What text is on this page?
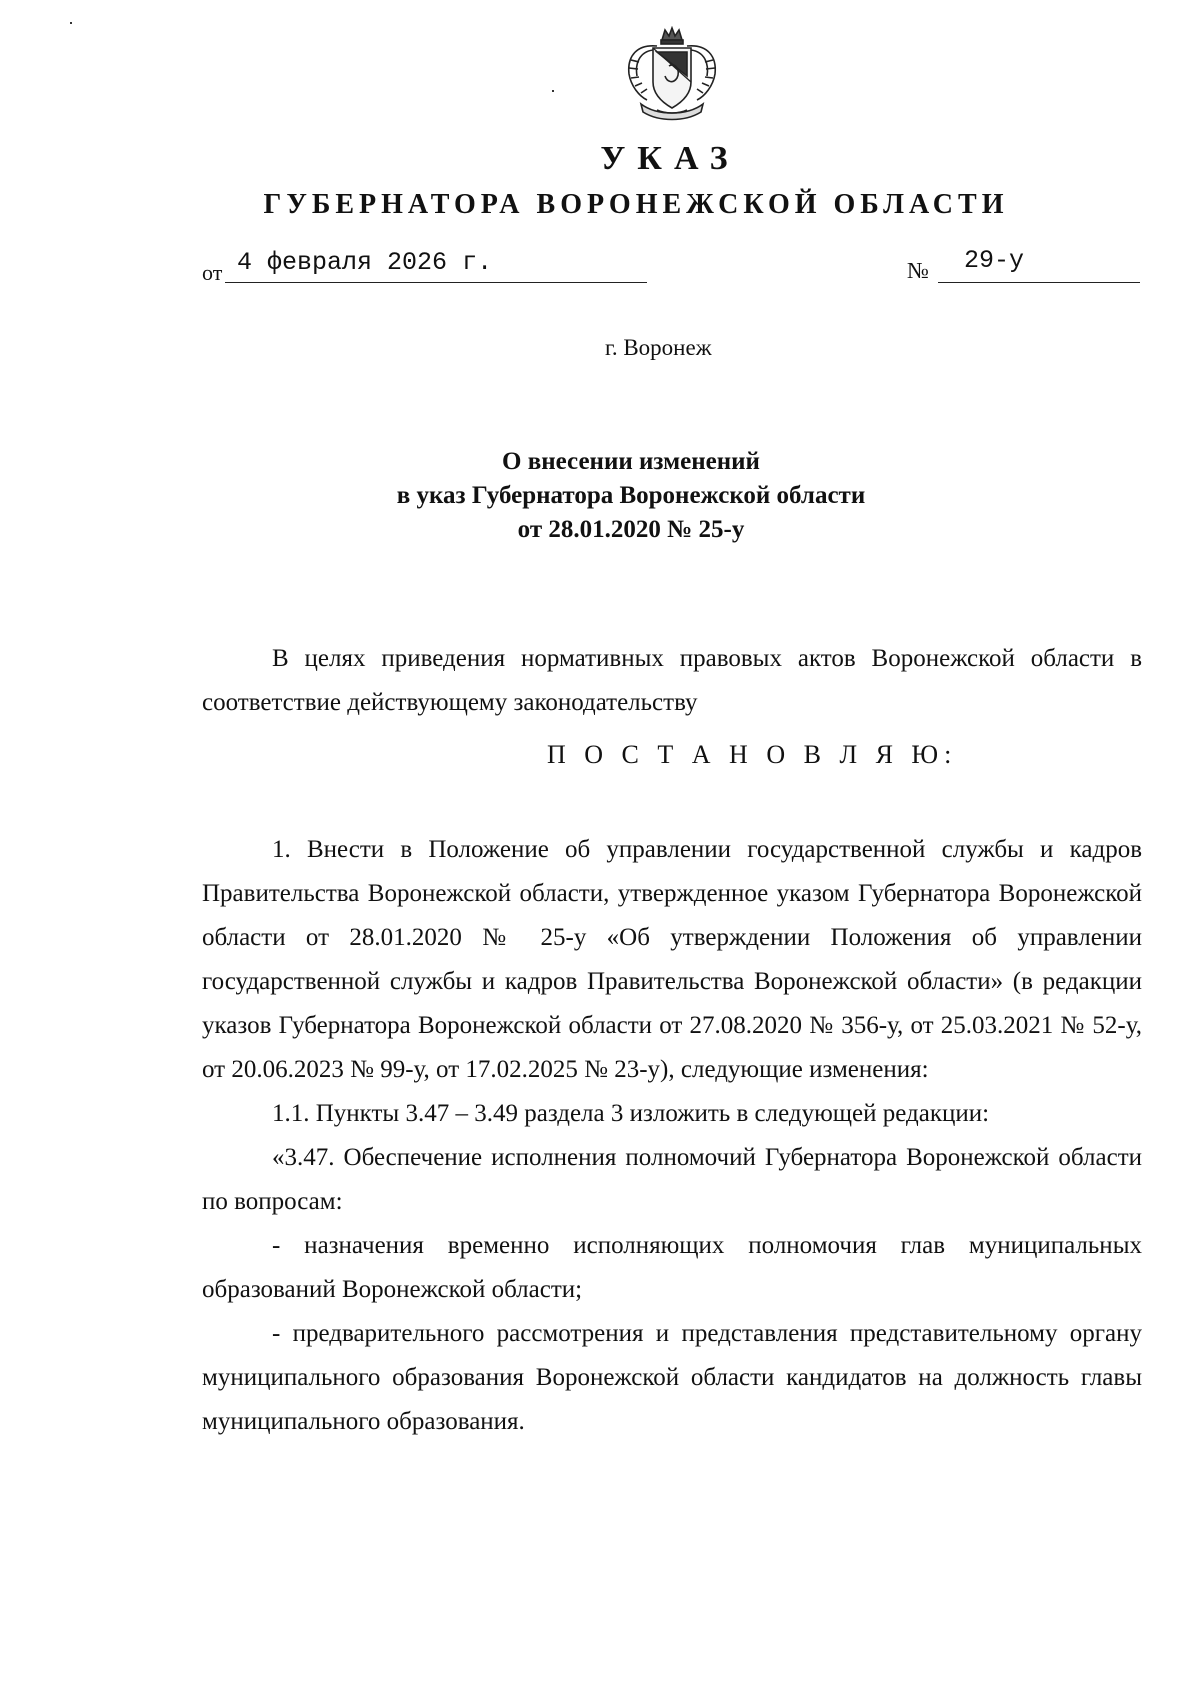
УКАЗ
ГУБЕРНАТОРА ВОРОНЕЖСКОЙ ОБЛАСТИ
от 4 февраля 2026 г.	№ 29-у
г. Воронеж
О внесении изменений
в указ Губернатора Воронежской области
от 28.01.2020 № 25-у

В целях приведения нормативных правовых актов Воронежской области в соответствие действующему законодательству

П О С Т А Н О В Л Я Ю:

1. Внести в Положение об управлении государственной службы и кадров Правительства Воронежской области, утвержденное указом Губернатора Воронежской области от 28.01.2020 № 25-у «Об утверждении Положения об управлении государственной службы и кадров Правительства Воронежской области» (в редакции указов Губернатора Воронежской области от 27.08.2020 № 356-у, от 25.03.2021 № 52-у, от 20.06.2023 № 99-у, от 17.02.2025 № 23-у), следующие изменения:

1.1. Пункты 3.47 – 3.49 раздела 3 изложить в следующей редакции:

«3.47. Обеспечение исполнения полномочий Губернатора Воронежской области по вопросам:

- назначения временно исполняющих полномочия глав муниципальных образований Воронежской области;

- предварительного рассмотрения и представления представительному органу муниципального образования Воронежской области кандидатов на должность главы муниципального образования.
